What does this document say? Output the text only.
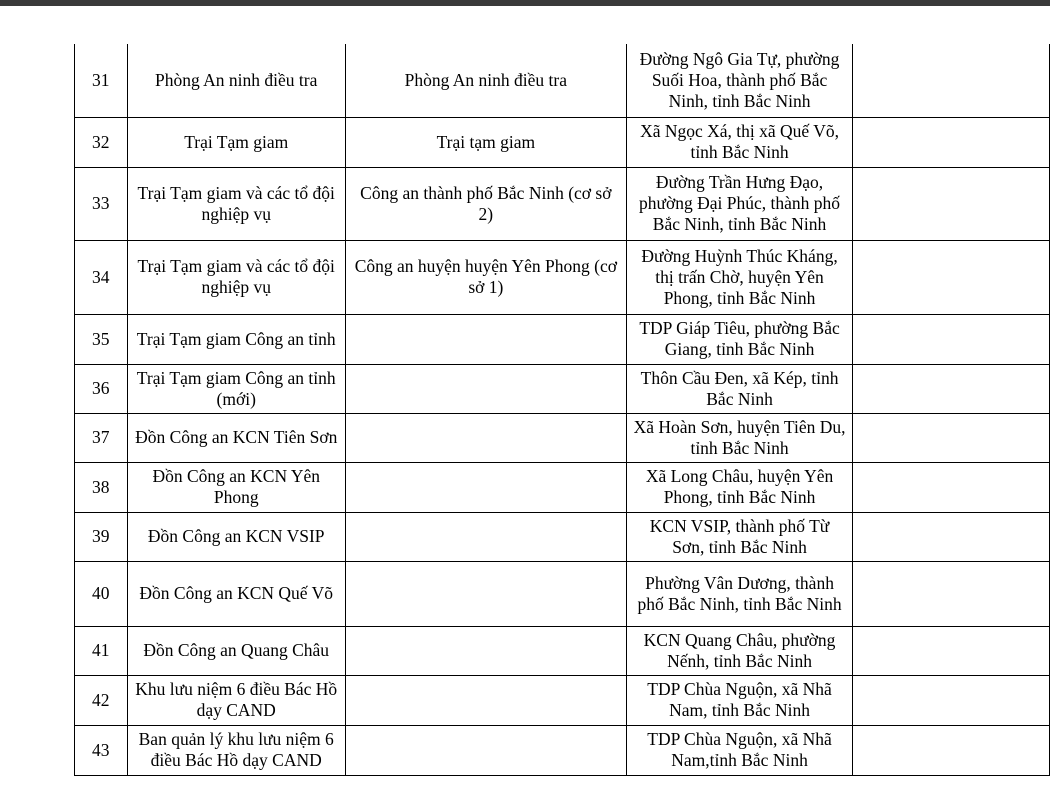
31	Phòng An ninh điều tra	Phòng An ninh điều tra	Đường Ngô Gia Tự, phường Suối Hoa, thành phố Bắc Ninh, tỉnh Bắc Ninh	
32	Trại Tạm giam	Trại tạm giam	Xã Ngọc Xá, thị xã Quế Võ, tỉnh Bắc Ninh	
33	Trại Tạm giam và các tổ đội nghiệp vụ	Công an thành phố Bắc Ninh (cơ sở 2)	Đường Trần Hưng Đạo, phường Đại Phúc, thành phố Bắc Ninh, tỉnh Bắc Ninh	
34	Trại Tạm giam và các tổ đội nghiệp vụ	Công an huyện huyện Yên Phong (cơ sở 1)	Đường Huỳnh Thúc Kháng, thị trấn Chờ, huyện Yên Phong, tỉnh Bắc Ninh	
35	Trại Tạm giam Công an tỉnh		TDP Giáp Tiêu, phường Bắc Giang, tỉnh Bắc Ninh	
36	Trại Tạm giam Công an tỉnh (mới)		Thôn Cầu Đen, xã Kép, tỉnh Bắc Ninh	
37	Đồn Công an KCN Tiên Sơn		Xã Hoàn Sơn, huyện Tiên Du, tỉnh Bắc Ninh	
38	Đồn Công an KCN Yên Phong		Xã Long Châu, huyện Yên Phong, tỉnh Bắc Ninh	
39	Đồn Công an KCN VSIP		KCN VSIP, thành phố Từ Sơn, tỉnh Bắc Ninh	
40	Đồn Công an KCN Quế Võ		Phường Vân Dương, thành phố Bắc Ninh, tỉnh Bắc Ninh	
41	Đồn Công an Quang Châu		KCN Quang Châu, phường Nếnh, tỉnh Bắc Ninh	
42	Khu lưu niệm 6 điều Bác Hồ dạy CAND		TDP Chùa Nguộn, xã Nhã Nam, tỉnh Bắc Ninh	
43	Ban quản lý khu lưu niệm 6 điều Bác Hồ dạy CAND		TDP Chùa Nguộn, xã Nhã Nam,tỉnh Bắc Ninh	
